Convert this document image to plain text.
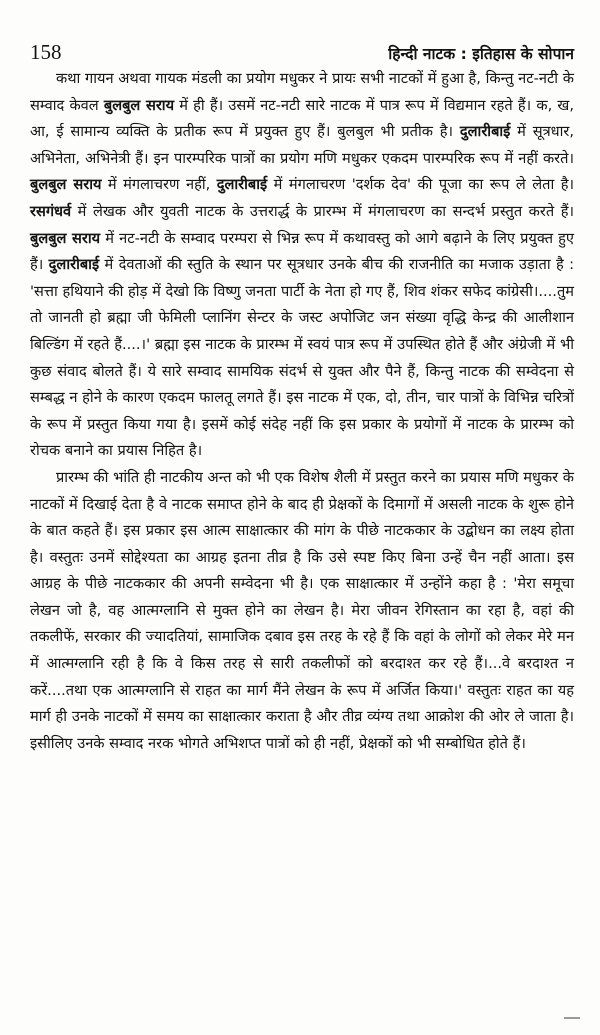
158	हिन्दी नाटक : इतिहास के सोपान

कथा गायन अथवा गायक मंडली का प्रयोग मधुकर ने प्रायः सभी नाटकों में हुआ है, किन्तु नट-नटी के सम्वाद केवल बुलबुल सराय में ही हैं। उसमें नट-नटी सारे नाटक में पात्र रूप में विद्यमान रहते हैं। क, ख, आ, ई सामान्य व्यक्ति के प्रतीक रूप में प्रयुक्त हुए हैं। बुलबुल भी प्रतीक है। दुलारीबाई में सूत्रधार, अभिनेता, अभिनेत्री हैं। इन पारम्परिक पात्रों का प्रयोग मणि मधुकर एकदम पारम्परिक रूप में नहीं करते। बुलबुल सराय में मंगलाचरण नहीं, दुलारीबाई में मंगलाचरण 'दर्शक देव' की पूजा का रूप ले लेता है। रसगंधर्व में लेखक और युवती नाटक के उत्तरार्द्ध के प्रारम्भ में मंगलाचरण का सन्दर्भ प्रस्तुत करते हैं। बुलबुल सराय में नट-नटी के सम्वाद परम्परा से भिन्न रूप में कथावस्तु को आगे बढ़ाने के लिए प्रयुक्त हुए हैं। दुलारीबाई में देवताओं की स्तुति के स्थान पर सूत्रधार उनके बीच की राजनीति का मजाक उड़ाता है : 'सत्ता हथियाने की होड़ में देखो कि विष्णु जनता पार्टी के नेता हो गए हैं, शिव शंकर सफेद कांग्रेसी।....तुम तो जानती हो ब्रह्मा जी फेमिली प्लानिंग सेन्टर के जस्ट अपोजिट जन संख्या वृद्धि केन्द्र की आलीशान बिल्डिंग में रहते हैं....।' ब्रह्मा इस नाटक के प्रारम्भ में स्वयं पात्र रूप में उपस्थित होते हैं और अंग्रेजी में भी कुछ संवाद बोलते हैं। ये सारे सम्वाद सामयिक संदर्भ से युक्त और पैने हैं, किन्तु नाटक की सम्वेदना से सम्बद्ध न होने के कारण एकदम फालतू लगते हैं। इस नाटक में एक, दो, तीन, चार पात्रों के विभिन्न चरित्रों के रूप में प्रस्तुत किया गया है। इसमें कोई संदेह नहीं कि इस प्रकार के प्रयोगों में नाटक के प्रारम्भ को रोचक बनाने का प्रयास निहित है।

प्रारम्भ की भांति ही नाटकीय अन्त को भी एक विशेष शैली में प्रस्तुत करने का प्रयास मणि मधुकर के नाटकों में दिखाई देता है वे नाटक समाप्त होने के बाद ही प्रेक्षकों के दिमागों में असली नाटक के शुरू होने के बात कहते हैं। इस प्रकार इस आत्म साक्षात्कार की मांग के पीछे नाटककार के उद्बोधन का लक्ष्य होता है। वस्तुतः उनमें सोद्देश्यता का आग्रह इतना तीव्र है कि उसे स्पष्ट किए बिना उन्हें चैन नहीं आता। इस आग्रह के पीछे नाटककार की अपनी सम्वेदना भी है। एक साक्षात्कार में उन्होंने कहा है : 'मेरा समूचा लेखन जो है, वह आत्मग्लानि से मुक्त होने का लेखन है। मेरा जीवन रेगिस्तान का रहा है, वहां की तकलीफें, सरकार की ज्यादतियां, सामाजिक दबाव इस तरह के रहे हैं कि वहां के लोगों को लेकर मेरे मन में आत्मग्लानि रही है कि वे किस तरह से सारी तकलीफों को बरदाश्त कर रहे हैं।...वे बरदाश्त न करें....तथा एक आत्मग्लानि से राहत का मार्ग मैंने लेखन के रूप में अर्जित किया।' वस्तुतः राहत का यह मार्ग ही उनके नाटकों में समय का साक्षात्कार कराता है और तीव्र व्यंग्य तथा आक्रोश की ओर ले जाता है। इसीलिए उनके सम्वाद नरक भोगते अभिशप्त पात्रों को ही नहीं, प्रेक्षकों को भी सम्बोधित होते हैं।
